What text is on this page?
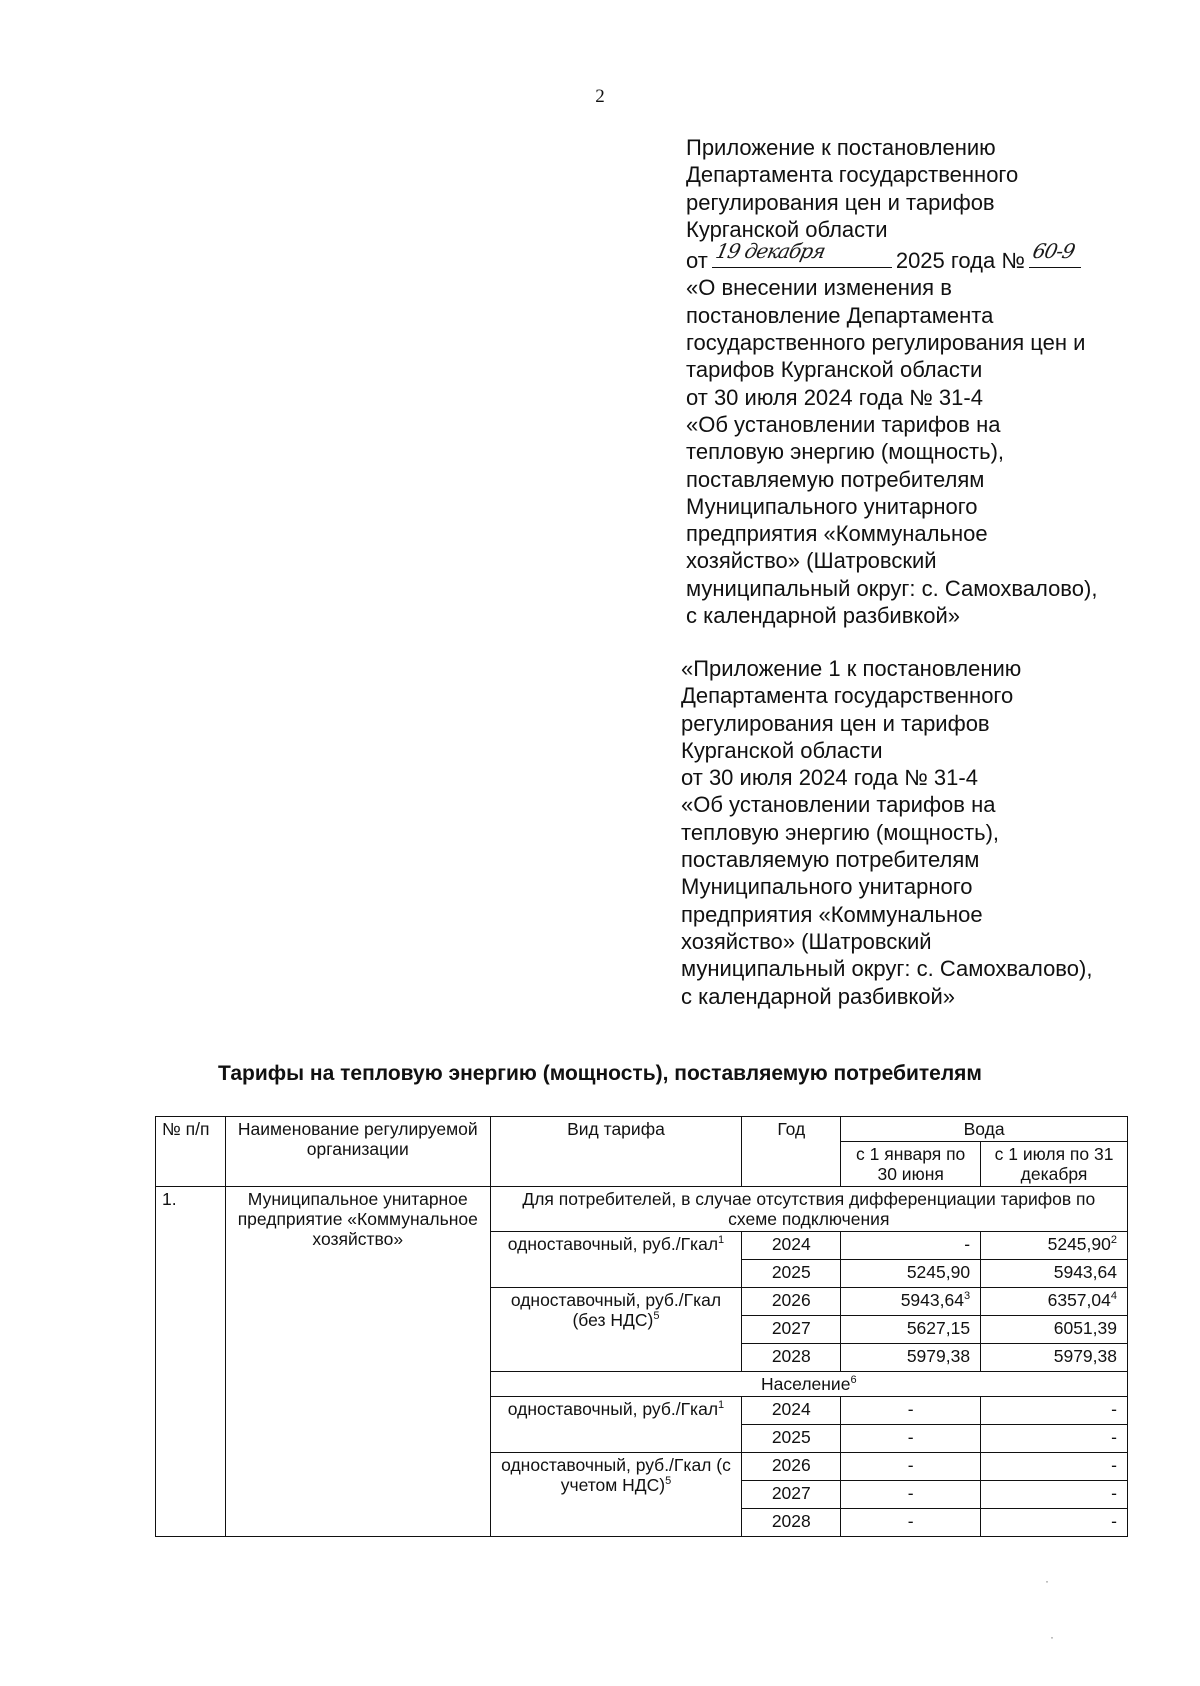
2
Приложение к постановлению
Департамента государственного
регулирования цен и тарифов
Курганской области
от 19 декабря	2025 года № 60-9
«О внесении изменения в
постановление Департамента
государственного регулирования цен и
тарифов Курганской области
от 30 июля 2024 года № 31-4
«Об установлении тарифов на
тепловую энергию (мощность),
поставляемую потребителям
Муниципального унитарного
предприятия «Коммунальное
хозяйство» (Шатровский
муниципальный округ: с. Самохвалово),
с календарной разбивкой»
«Приложение 1 к постановлению
Департамента государственного
регулирования цен и тарифов
Курганской области
от 30 июля 2024 года № 31-4
«Об установлении тарифов на
тепловую энергию (мощность),
поставляемую потребителям
Муниципального унитарного
предприятия «Коммунальное
хозяйство» (Шатровский
муниципальный округ: с. Самохвалово),
с календарной разбивкой»
Тарифы на тепловую энергию (мощность), поставляемую потребителям
№ п/п	Наименование регулируемой организации	Вид тарифа	Год	Вода	
				с 1 января по 30 июня	с 1 июля по 31 декабря
1.	Муниципальное унитарное предприятие «Коммунальное хозяйство»	Для потребителей, в случае отсутствия дифференциации тарифов по схеме подключения			
		одноставочный, руб./Гкал$^1$	2024	-	5245,90$^2$
			2025	5245,90	5943,64
		одноставочный, руб./Гкал (без НДС)$^5$	2026	5943,64$^3$	6357,04$^4$
			2027	5627,15	6051,39
			2028	5979,38	5979,38
		Население$^6$
		одноставочный, руб./Гкал$^1$	2024	-	-
			2025	-	-
		одноставочный, руб./Гкал (с учетом НДС)$^5$	2026	-	-
			2027	-	-
			2028	-	-
·
·
